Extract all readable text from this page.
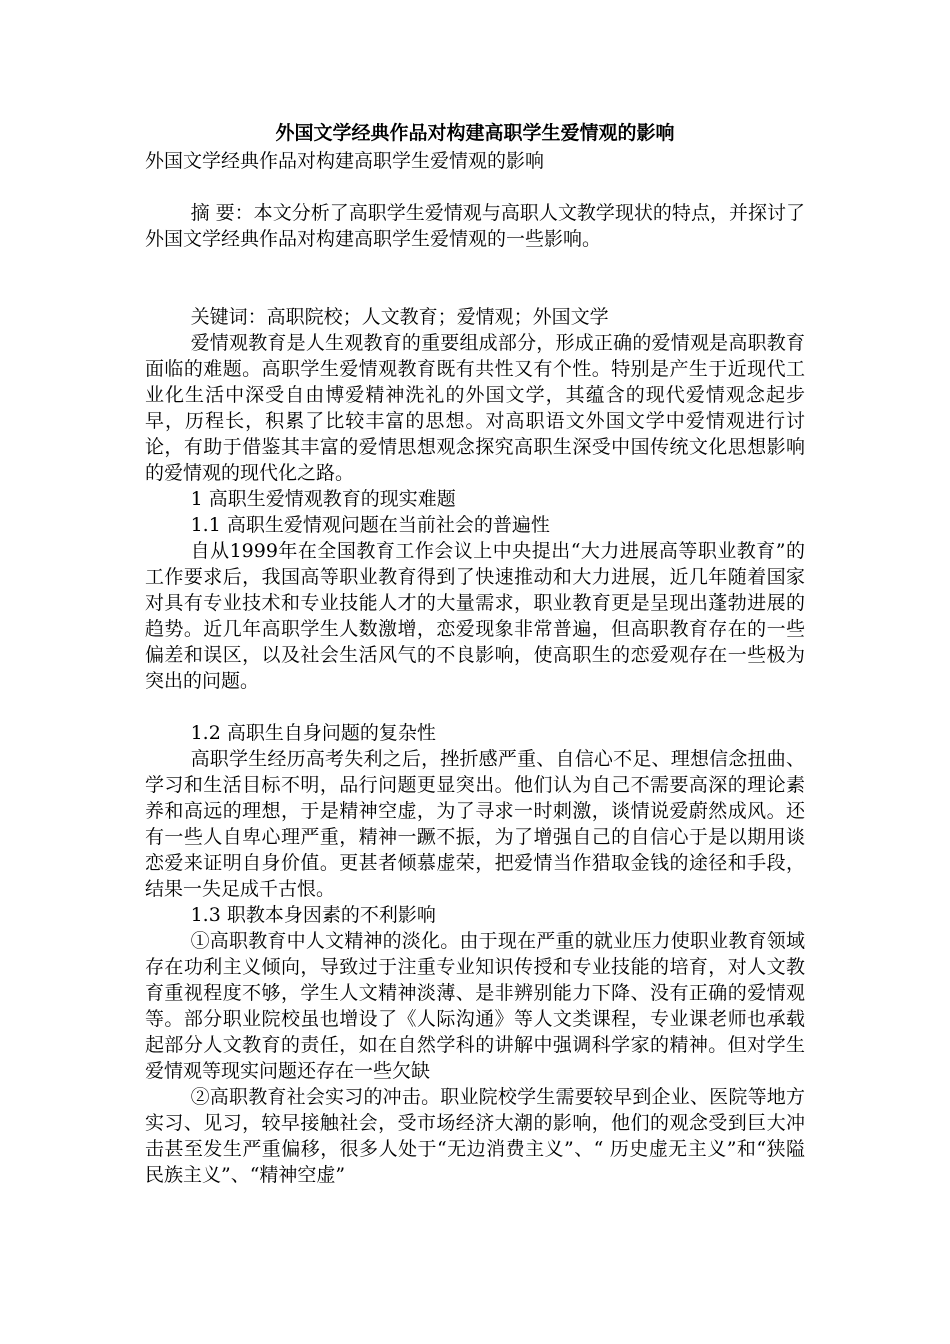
外国文学经典作品对构建高职学生爱情观的影响

外国文学经典作品对构建高职学生爱情观的影响

摘 要：本文分析了高职学生爱情观与高职人文教学现状的特点，并探讨了外国文学经典作品对构建高职学生爱情观的一些影响。

关键词：高职院校；人文教育；爱情观；外国文学

爱情观教育是人生观教育的重要组成部分，形成正确的爱情观是高职教育面临的难题。高职学生爱情观教育既有共性又有个性。特别是产生于近现代工业化生活中深受自由博爱精神洗礼的外国文学，其蕴含的现代爱情观念起步早，历程长，积累了比较丰富的思想。对高职语文外国文学中爱情观进行讨论，有助于借鉴其丰富的爱情思想观念探究高职生深受中国传统文化思想影响的爱情观的现代化之路。

1 高职生爱情观教育的现实难题

1.1 高职生爱情观问题在当前社会的普遍性

自从1999年在全国教育工作会议上中央提出“大力进展高等职业教育”的工作要求后，我国高等职业教育得到了快速推动和大力进展，近几年随着国家对具有专业技术和专业技能人才的大量需求，职业教育更是呈现出蓬勃进展的趋势。近几年高职学生人数激增，恋爱现象非常普遍，但高职教育存在的一些偏差和误区，以及社会生活风气的不良影响，使高职生的恋爱观存在一些极为突出的问题。

1.2 高职生自身问题的复杂性

高职学生经历高考失利之后，挫折感严重、自信心不足、理想信念扭曲、学习和生活目标不明，品行问题更显突出。他们认为自己不需要高深的理论素养和高远的理想，于是精神空虚，为了寻求一时刺激，谈情说爱蔚然成风。还有一些人自卑心理严重，精神一蹶不振，为了增强自己的自信心于是以期用谈恋爱来证明自身价值。更甚者倾慕虚荣，把爱情当作猎取金钱的途径和手段，结果一失足成千古恨。

1.3 职教本身因素的不利影响

①高职教育中人文精神的淡化。由于现在严重的就业压力使职业教育领域存在功利主义倾向，导致过于注重专业知识传授和专业技能的培育，对人文教育重视程度不够，学生人文精神淡薄、是非辨别能力下降、没有正确的爱情观等。部分职业院校虽也增设了《人际沟通》等人文类课程，专业课老师也承载起部分人文教育的责任，如在自然学科的讲解中强调科学家的精神。但对学生爱情观等现实问题还存在一些欠缺

②高职教育社会实习的冲击。职业院校学生需要较早到企业、医院等地方实习、见习，较早接触社会，受市场经济大潮的影响，他们的观念受到巨大冲击甚至发生严重偏移，很多人处于“无边消费主义”、“ 历史虚无主义”和“狭隘民族主义”、“精神空虚”
